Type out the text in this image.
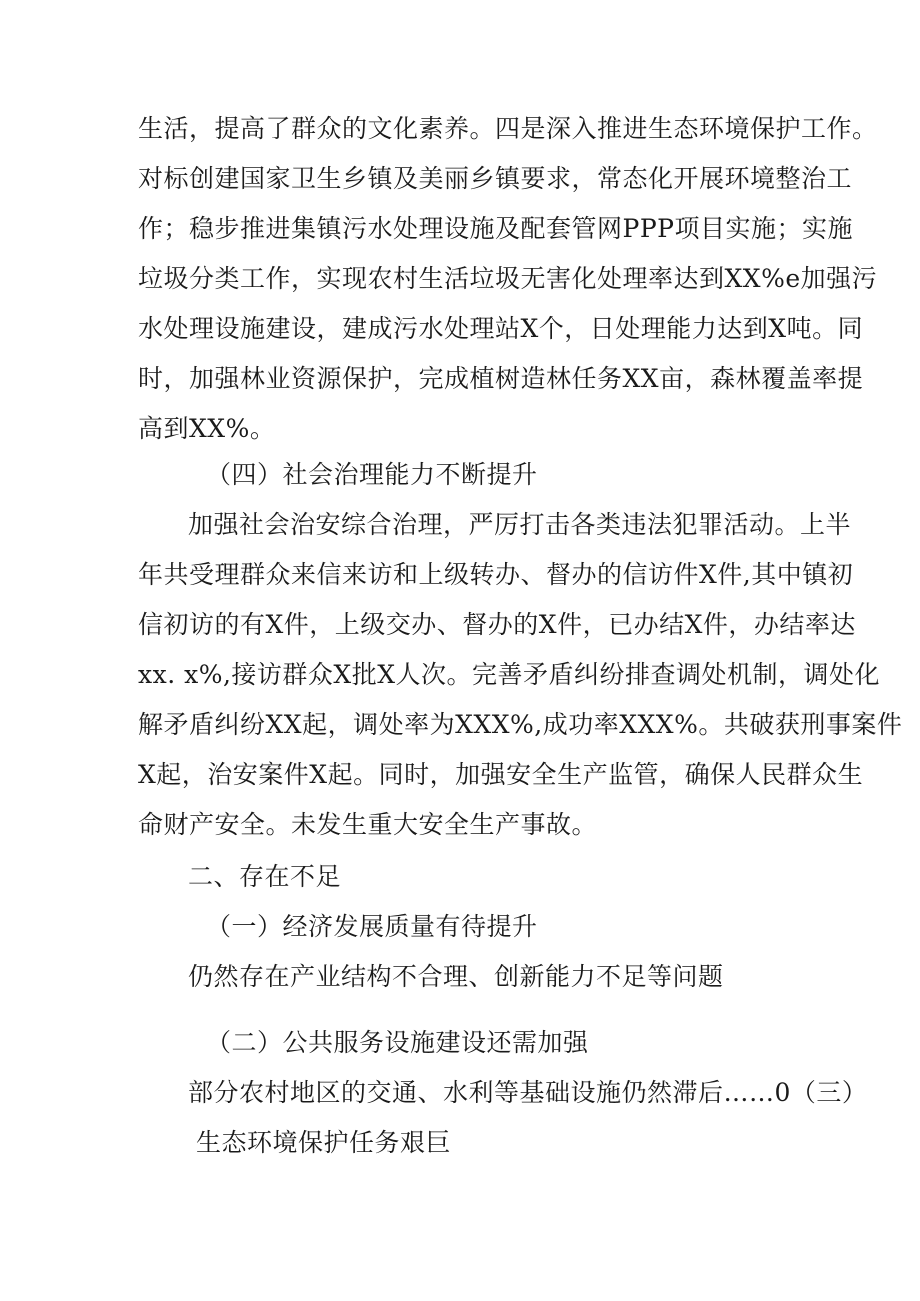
生活，提高了群众的文化素养。四是深入推进生态环境保护工作。
对标创建国家卫生乡镇及美丽乡镇要求，常态化开展环境整治工
作；稳步推进集镇污水处理设施及配套管网PPP项目实施；实施
垃圾分类工作，实现农村生活垃圾无害化处理率达到XX%e加强污
水处理设施建设，建成污水处理站X个，日处理能力达到X吨。同
时，加强林业资源保护，完成植树造林任务XX亩，森林覆盖率提
高到XX%。
（四）社会治理能力不断提升
加强社会治安综合治理，严厉打击各类违法犯罪活动。上半
年共受理群众来信来访和上级转办、督办的信访件X件,其中镇初
信初访的有X件，上级交办、督办的X件，已办结X件，办结率达
xx. x%,接访群众X批X人次。完善矛盾纠纷排查调处机制，调处化
解矛盾纠纷XX起，调处率为XXX%,成功率XXX%。共破获刑事案件
X起，治安案件X起。同时，加强安全生产监管，确保人民群众生
命财产安全。未发生重大安全生产事故。
二、存在不足
（一）经济发展质量有待提升
仍然存在产业结构不合理、创新能力不足等问题
（二）公共服务设施建设还需加强
部分农村地区的交通、水利等基础设施仍然滞后……0（三）
生态环境保护任务艰巨
